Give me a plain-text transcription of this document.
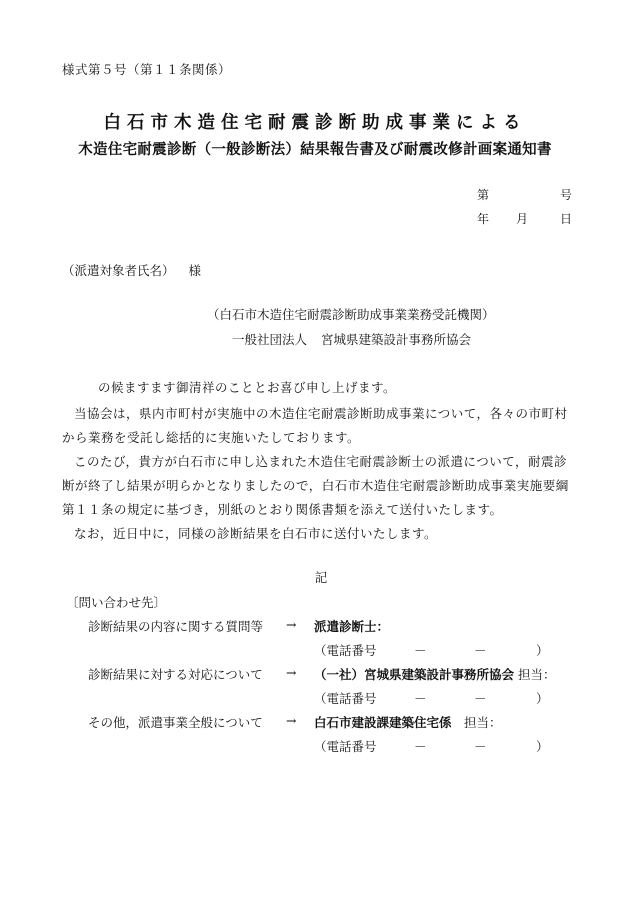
様式第５号（第１１条関係）
白石市木造住宅耐震診断助成事業による
木造住宅耐震診断（一般診断法）結果報告書及び耐震改修計画案通知書
第	号
年 月	日
（派遣対象者氏名） 様
（白石市木造住宅耐震診断助成事業業務受託機関）
一般社団法人 宮城県建築設計事務所協会
の候ますます御清祥のこととお喜び申し上げます。
当協会は，県内市町村が実施中の木造住宅耐震診断助成事業について，各々の市町村
から業務を受託し総括的に実施いたしております。
このたび，貴方が白石市に申し込まれた木造住宅耐震診断士の派遣について，耐震診
断が終了し結果が明らかとなりましたので，白石市木造住宅耐震診断助成事業実施要綱
第１１条の規定に基づき，別紙のとおり関係書類を添えて送付いたします。
なお，近日中に，同様の診断結果を白石市に送付いたします。
記
〔問い合わせ先〕
診断結果の内容に関する質問等 → 派遣診断士：
（電話番号	－	－	）
診断結果に対する対応について → （一社）宮城県建築設計事務所協会 担当：
（電話番号	－	－	）
その他，派遣事業全般について → 白石市建設課建築住宅係　 担当：
（電話番号	－	－	）
